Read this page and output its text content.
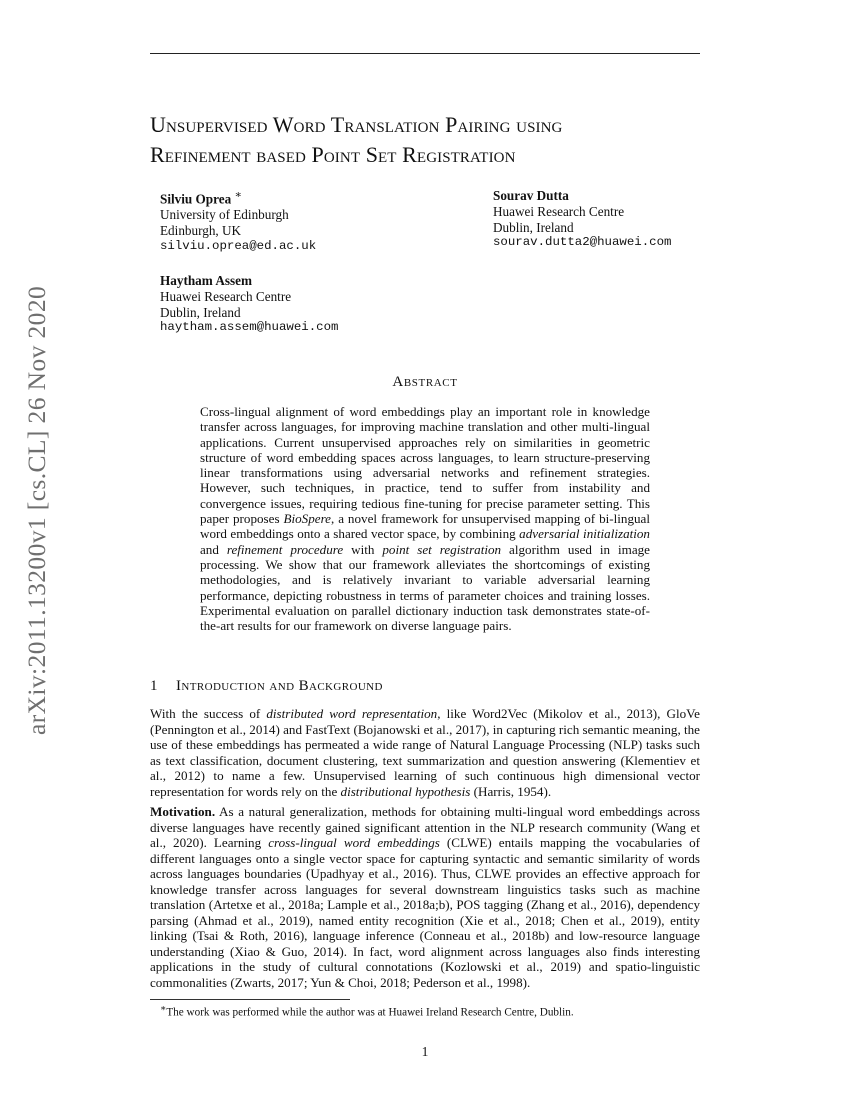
arXiv:2011.13200v1 [cs.CL] 26 Nov 2020
Unsupervised Word Translation Pairing using
Refinement based Point Set Registration
Silviu Oprea ∗
University of Edinburgh
Edinburgh, UK
silviu.oprea@ed.ac.uk
Sourav Dutta
Huawei Research Centre
Dublin, Ireland
sourav.dutta2@huawei.com
Haytham Assem
Huawei Research Centre
Dublin, Ireland
haytham.assem@huawei.com
Abstract
Cross-lingual alignment of word embeddings play an important role in knowledge transfer across languages, for improving machine translation and other multi-lingual applications. Current unsupervised approaches rely on similarities in geometric structure of word embedding spaces across languages, to learn structure-preserving linear transformations using adversarial networks and refinement strategies. However, such techniques, in practice, tend to suffer from instability and convergence issues, requiring tedious fine-tuning for precise parameter setting. This paper proposes BioSpere, a novel framework for unsupervised mapping of bi-lingual word embeddings onto a shared vector space, by combining adversarial initialization and refinement procedure with point set registration algorithm used in image processing. We show that our framework alleviates the shortcomings of existing methodologies, and is relatively invariant to variable adversarial learning performance, depicting robustness in terms of parameter choices and training losses. Experimental evaluation on parallel dictionary induction task demonstrates state-of-the-art results for our framework on diverse language pairs.
1 Introduction and Background
With the success of distributed word representation, like Word2Vec (Mikolov et al., 2013), GloVe (Pennington et al., 2014) and FastText (Bojanowski et al., 2017), in capturing rich semantic meaning, the use of these embeddings has permeated a wide range of Natural Language Processing (NLP) tasks such as text classification, document clustering, text summarization and question answering (Klementiev et al., 2012) to name a few. Unsupervised learning of such continuous high dimensional vector representation for words rely on the distributional hypothesis (Harris, 1954).
Motivation. As a natural generalization, methods for obtaining multi-lingual word embeddings across diverse languages have recently gained significant attention in the NLP research community (Wang et al., 2020). Learning cross-lingual word embeddings (CLWE) entails mapping the vocabularies of different languages onto a single vector space for capturing syntactic and semantic similarity of words across languages boundaries (Upadhyay et al., 2016). Thus, CLWE provides an effective approach for knowledge transfer across languages for several downstream linguistics tasks such as machine translation (Artetxe et al., 2018a; Lample et al., 2018a;b), POS tagging (Zhang et al., 2016), dependency parsing (Ahmad et al., 2019), named entity recognition (Xie et al., 2018; Chen et al., 2019), entity linking (Tsai & Roth, 2016), language inference (Conneau et al., 2018b) and low-resource language understanding (Xiao & Guo, 2014). In fact, word alignment across languages also finds interesting applications in the study of cultural connotations (Kozlowski et al., 2019) and spatio-linguistic commonalities (Zwarts, 2017; Yun & Choi, 2018; Pederson et al., 1998).
∗The work was performed while the author was at Huawei Ireland Research Centre, Dublin.
1
